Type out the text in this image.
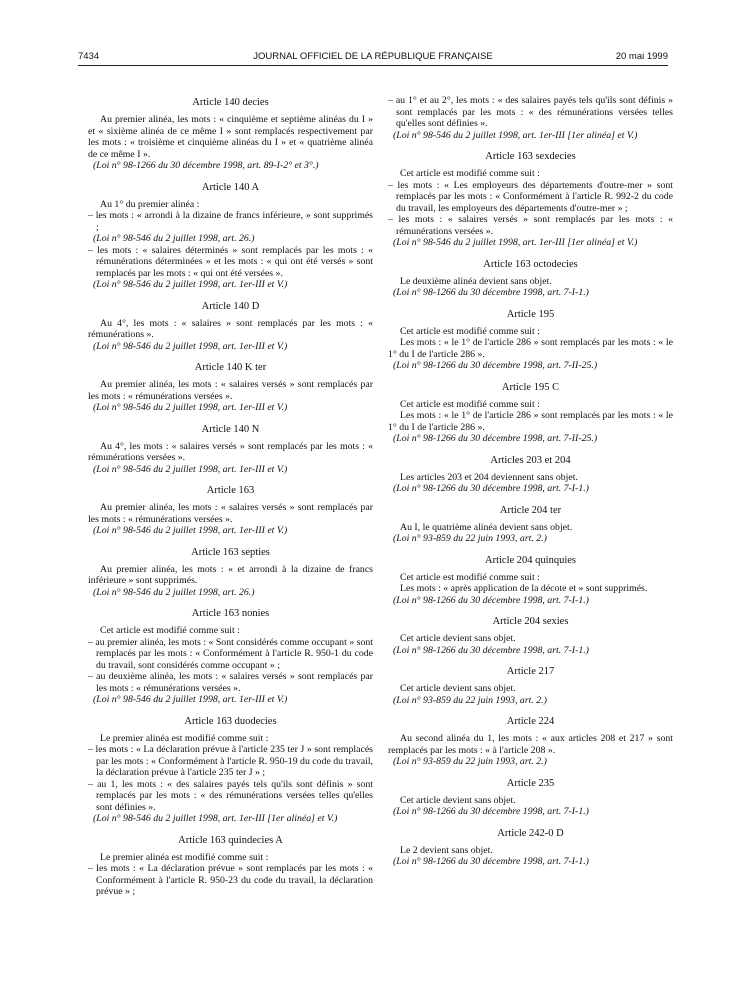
7434	JOURNAL OFFICIEL DE LA RÉPUBLIQUE FRANÇAISE	20 mai 1999
Article 140 decies
Au premier alinéa, les mots : « cinquième et septième alinéas du I » et « sixième alinéa de ce même I » sont remplacés respectivement par les mots : « troisième et cinquième alinéas du I » et « quatrième alinéa de ce même I ».
(Loi n° 98-1266 du 30 décembre 1998, art. 89-I-2° et 3°.)
Article 140 A
Au 1° du premier alinéa :
– les mots : « arrondi à la dizaine de francs inférieure, » sont supprimés ;
(Loi n° 98-546 du 2 juillet 1998, art. 26.)
– les mots : « salaires déterminés » sont remplacés par les mots : « rémunérations déterminées » et les mots : « qui ont été versés » sont remplacés par les mots : « qui ont été versées ».
(Loi n° 98-546 du 2 juillet 1998, art. 1er-III et V.)
Article 140 D
Au 4°, les mots : « salaires » sont remplacés par les mots : « rémunérations ».
(Loi n° 98-546 du 2 juillet 1998, art. 1er-III et V.)
Article 140 K ter
Au premier alinéa, les mots : « salaires versés » sont remplacés par les mots : « rémunérations versées ».
(Loi n° 98-546 du 2 juillet 1998, art. 1er-III et V.)
Article 140 N
Au 4°, les mots : « salaires versés » sont remplacés par les mots : « rémunérations versées ».
(Loi n° 98-546 du 2 juillet 1998, art. 1er-III et V.)
Article 163
Au premier alinéa, les mots : « salaires versés » sont remplacés par les mots : « rémunérations versées ».
(Loi n° 98-546 du 2 juillet 1998, art. 1er-III et V.)
Article 163 septies
Au premier alinéa, les mots : « et arrondi à la dizaine de francs inférieure » sont supprimés.
(Loi n° 98-546 du 2 juillet 1998, art. 26.)
Article 163 nonies
Cet article est modifié comme suit :
– au premier alinéa, les mots : « Sont considérés comme occupant » sont remplacés par les mots : « Conformément à l'article R. 950-1 du code du travail, sont considérés comme occupant » ;
– au deuxième alinéa, les mots : « salaires versés » sont remplacés par les mots : « rémunérations versées ».
(Loi n° 98-546 du 2 juillet 1998, art. 1er-III et V.)
Article 163 duodecies
Le premier alinéa est modifié comme suit :
– les mots : « La déclaration prévue à l'article 235 ter J » sont remplacés par les mots : « Conformément à l'article R. 950-19 du code du travail, la déclaration prévue à l'article 235 ter J » ;
– au 1, les mots : « des salaires payés tels qu'ils sont définis » sont remplacés par les mots : « des rémunérations versées telles qu'elles sont définies ».
(Loi n° 98-546 du 2 juillet 1998, art. 1er-III [1er alinéa] et V.)
Article 163 quindecies A
Le premier alinéa est modifié comme suit :
– les mots : « La déclaration prévue » sont remplacés par les mots : « Conformément à l'article R. 950-23 du code du travail, la déclaration prévue » ;
– au 1° et au 2°, les mots : « des salaires payés tels qu'ils sont définis » sont remplacés par les mots : « des rémunérations versées telles qu'elles sont définies ».
(Loi n° 98-546 du 2 juillet 1998, art. 1er-III [1er alinéa] et V.)
Article 163 sexdecies
Cet article est modifié comme suit :
– les mots : « Les employeurs des départements d'outre-mer » sont remplacés par les mots : « Conformément à l'article R. 992-2 du code du travail, les employeurs des départements d'outre-mer » ;
– les mots : « salaires versés » sont remplacés par les mots : « rémunérations versées ».
(Loi n° 98-546 du 2 juillet 1998, art. 1er-III [1er alinéa] et V.)
Article 163 octodecies
Le deuxième alinéa devient sans objet.
(Loi n° 98-1266 du 30 décembre 1998, art. 7-I-1.)
Article 195
Cet article est modifié comme suit :
Les mots : « le 1° de l'article 286 » sont remplacés par les mots : « le 1° du I de l'article 286 ».
(Loi n° 98-1266 du 30 décembre 1998, art. 7-II-25.)
Article 195 C
Cet article est modifié comme suit :
Les mots : « le 1° de l'article 286 » sont remplacés par les mots : « le 1° du I de l'article 286 ».
(Loi n° 98-1266 du 30 décembre 1998, art. 7-II-25.)
Articles 203 et 204
Les articles 203 et 204 deviennent sans objet.
(Loi n° 98-1266 du 30 décembre 1998, art. 7-I-1.)
Article 204 ter
Au I, le quatrième alinéa devient sans objet.
(Loi n° 93-859 du 22 juin 1993, art. 2.)
Article 204 quinquies
Cet article est modifié comme suit :
Les mots : « après application de la décote et » sont supprimés.
(Loi n° 98-1266 du 30 décembre 1998, art. 7-I-1.)
Article 204 sexies
Cet article devient sans objet.
(Loi n° 98-1266 du 30 décembre 1998, art. 7-I-1.)
Article 217
Cet article devient sans objet.
(Loi n° 93-859 du 22 juin 1993, art. 2.)
Article 224
Au second alinéa du 1, les mots : « aux articles 208 et 217 » sont remplacés par les mots : « à l'article 208 ».
(Loi n° 93-859 du 22 juin 1993, art. 2.)
Article 235
Cet article devient sans objet.
(Loi n° 98-1266 du 30 décembre 1998, art. 7-I-1.)
Article 242-0 D
Le 2 devient sans objet.
(Loi n° 98-1266 du 30 décembre 1998, art. 7-I-1.)
